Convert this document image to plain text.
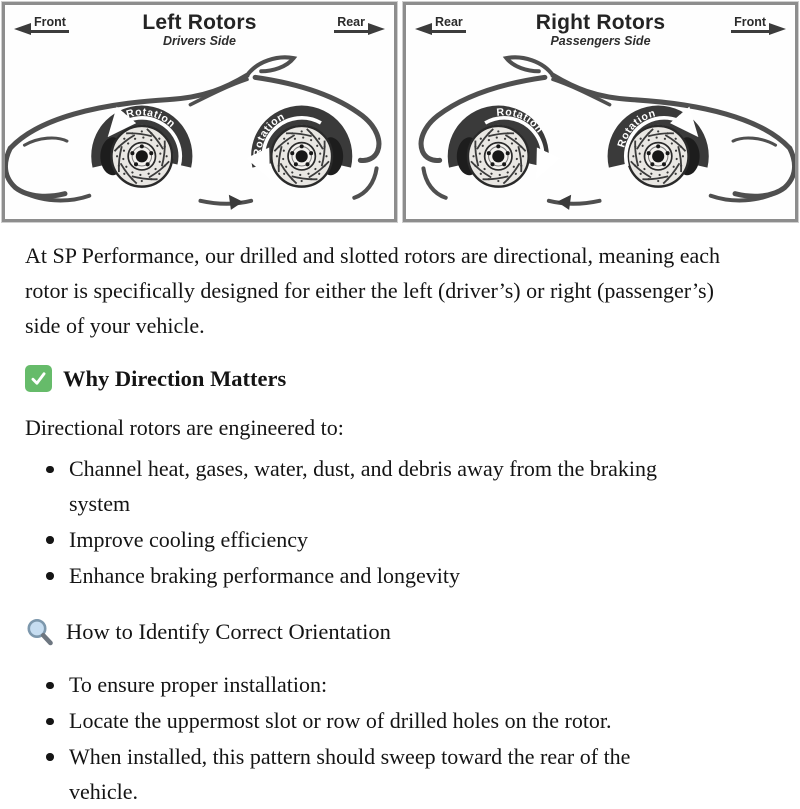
Front	Left Rotors
Drivers Side
Rear
Rotation
Rotation
Rear	Right Rotors
Passengers Side
Front
Rotation
Rotation

At SP Performance, our drilled and slotted rotors are directional, meaning each rotor is specifically designed for either the left (driver’s) or right (passenger’s) side of your vehicle.

Why Direction Matters

Directional rotors are engineered to:

Channel heat, gases, water, dust, and debris away from the braking system
Improve cooling efficiency
Enhance braking performance and longevity
How to Identify Correct Orientation
To ensure proper installation:
Locate the uppermost slot or row of drilled holes on the rotor.
When installed, this pattern should sweep toward the rear of the vehicle.
